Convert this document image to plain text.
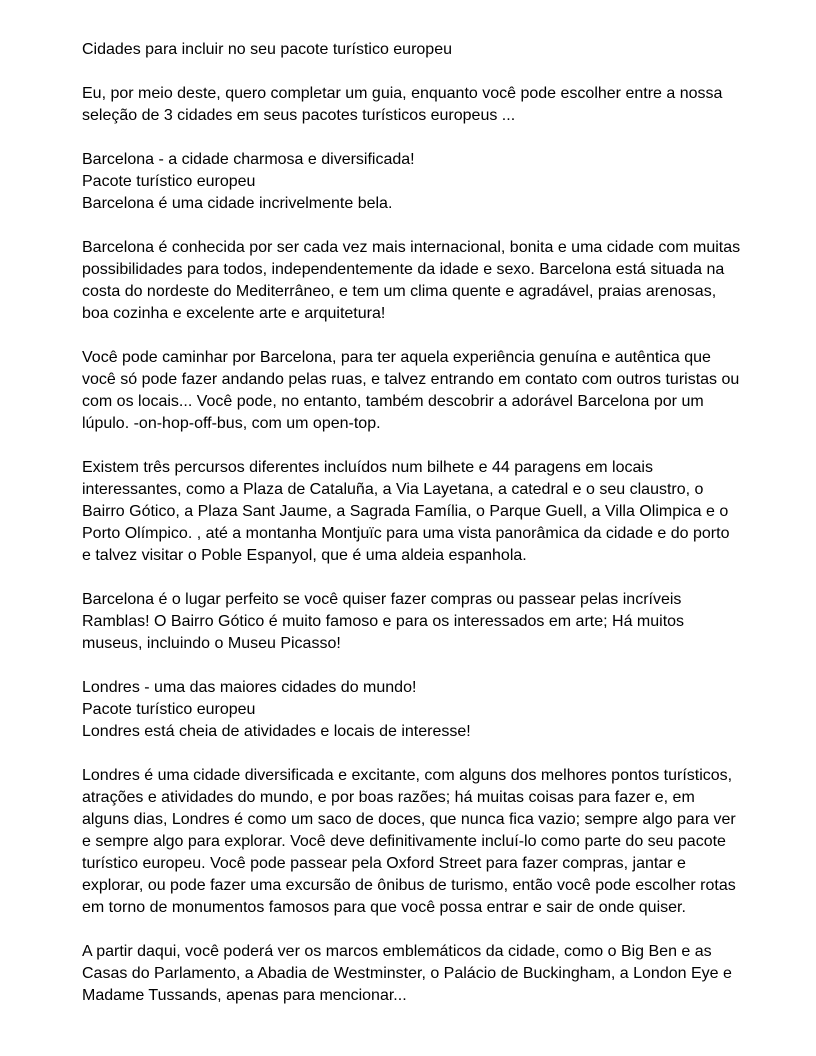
Cidades para incluir no seu pacote turístico europeu

Eu, por meio deste, quero completar um guia, enquanto você pode escolher entre a nossa seleção de 3 cidades em seus pacotes turísticos europeus ...

Barcelona - a cidade charmosa e diversificada!
Pacote turístico europeu
Barcelona é uma cidade incrivelmente bela.

Barcelona é conhecida por ser cada vez mais internacional, bonita e uma cidade com muitas possibilidades para todos, independentemente da idade e sexo. Barcelona está situada na costa do nordeste do Mediterrâneo, e tem um clima quente e agradável, praias arenosas, boa cozinha e excelente arte e arquitetura!

Você pode caminhar por Barcelona, para ter aquela experiência genuína e autêntica que você só pode fazer andando pelas ruas, e talvez entrando em contato com outros turistas ou com os locais... Você pode, no entanto, também descobrir a adorável Barcelona por um lúpulo. -on-hop-off-bus, com um open-top.

Existem três percursos diferentes incluídos num bilhete e 44 paragens em locais interessantes, como a Plaza de Cataluña, a Via Layetana, a catedral e o seu claustro, o Bairro Gótico, a Plaza Sant Jaume, a Sagrada Família, o Parque Guell, a Villa Olimpica e o Porto Olímpico. , até a montanha Montjuïc para uma vista panorâmica da cidade e do porto e talvez visitar o Poble Espanyol, que é uma aldeia espanhola.

Barcelona é o lugar perfeito se você quiser fazer compras ou passear pelas incríveis Ramblas! O Bairro Gótico é muito famoso e para os interessados em arte; Há muitos museus, incluindo o Museu Picasso!

Londres - uma das maiores cidades do mundo!
Pacote turístico europeu
Londres está cheia de atividades e locais de interesse!

Londres é uma cidade diversificada e excitante, com alguns dos melhores pontos turísticos, atrações e atividades do mundo, e por boas razões; há muitas coisas para fazer e, em alguns dias, Londres é como um saco de doces, que nunca fica vazio; sempre algo para ver e sempre algo para explorar. Você deve definitivamente incluí-lo como parte do seu pacote turístico europeu. Você pode passear pela Oxford Street para fazer compras, jantar e explorar, ou pode fazer uma excursão de ônibus de turismo, então você pode escolher rotas em torno de monumentos famosos para que você possa entrar e sair de onde quiser.

A partir daqui, você poderá ver os marcos emblemáticos da cidade, como o Big Ben e as Casas do Parlamento, a Abadia de Westminster, o Palácio de Buckingham, a London Eye e Madame Tussands, apenas para mencionar...
